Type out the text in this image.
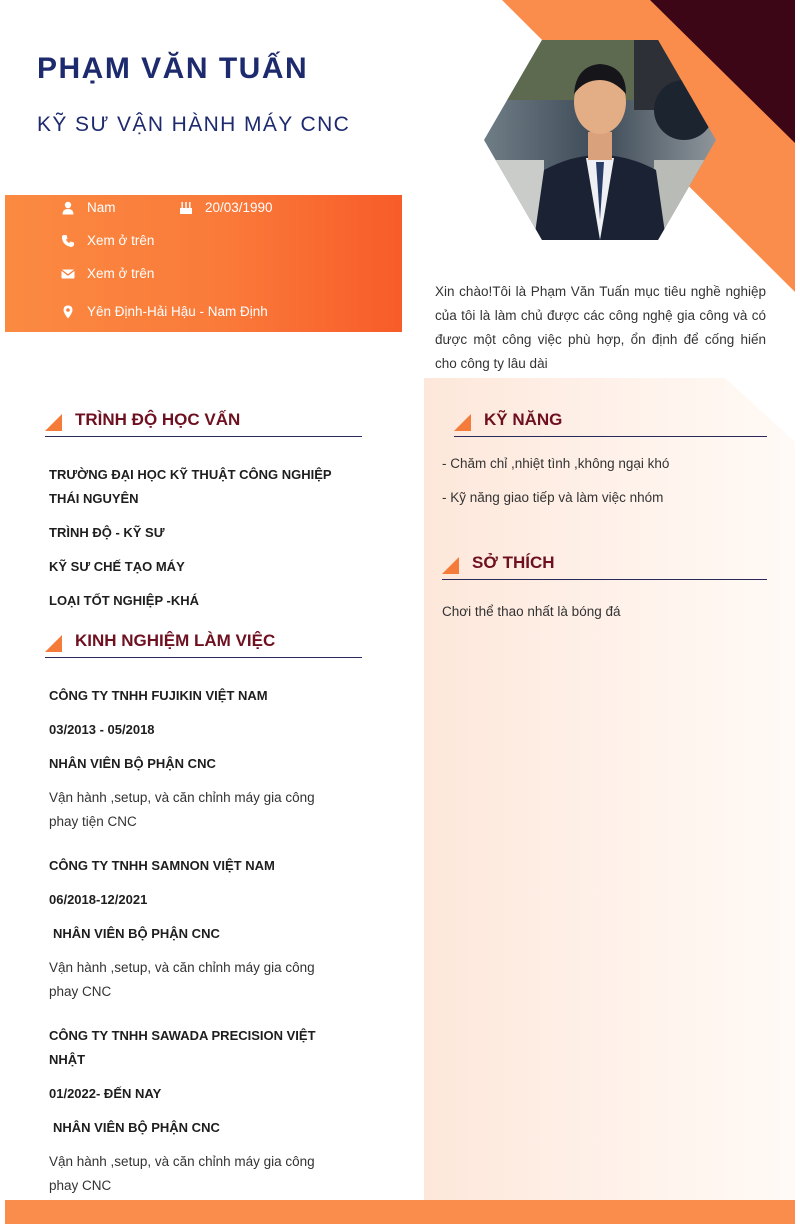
PHẠM VĂN TUẤN
KỸ SƯ VẬN HÀNH MÁY CNC
Nam	20/03/1990
Xem ở trên
Xem ở trên
Yên Định-Hải Hậu - Nam Định

Xin chào!Tôi là Phạm Văn Tuấn mục tiêu nghề nghiệp của tôi là làm chủ được các công nghệ gia công và có được một công việc phù hợp, ổn định để cống hiến cho công ty lâu dài

TRÌNH ĐỘ HỌC VẤN

TRƯỜNG ĐẠI HỌC KỸ THUẬT CÔNG NGHIỆP THÁI NGUYÊN

TRÌNH ĐỘ - KỸ SƯ

KỸ SƯ CHẾ TẠO MÁY

LOẠI TỐT NGHIỆP -KHÁ

KINH NGHIỆM LÀM VIỆC

CÔNG TY TNHH FUJIKIN VIỆT NAM

03/2013 - 05/2018

NHÂN VIÊN BỘ PHẬN CNC

Vận hành ,setup, và căn chỉnh máy gia công phay tiện CNC

CÔNG TY TNHH SAMNON VIỆT NAM

06/2018-12/2021

NHÂN VIÊN BỘ PHẬN CNC

Vận hành ,setup, và căn chỉnh máy gia công phay CNC

CÔNG TY TNHH SAWADA PRECISION VIỆT NHẬT

01/2022- ĐẾN NAY

NHÂN VIÊN BỘ PHẬN CNC

Vận hành ,setup, và căn chỉnh máy gia công phay CNC

KỸ NĂNG

- Chăm chỉ ,nhiệt tình ,không ngại khó

- Kỹ năng giao tiếp và làm việc nhóm

SỞ THÍCH

Chơi thể thao nhất là bóng đá
